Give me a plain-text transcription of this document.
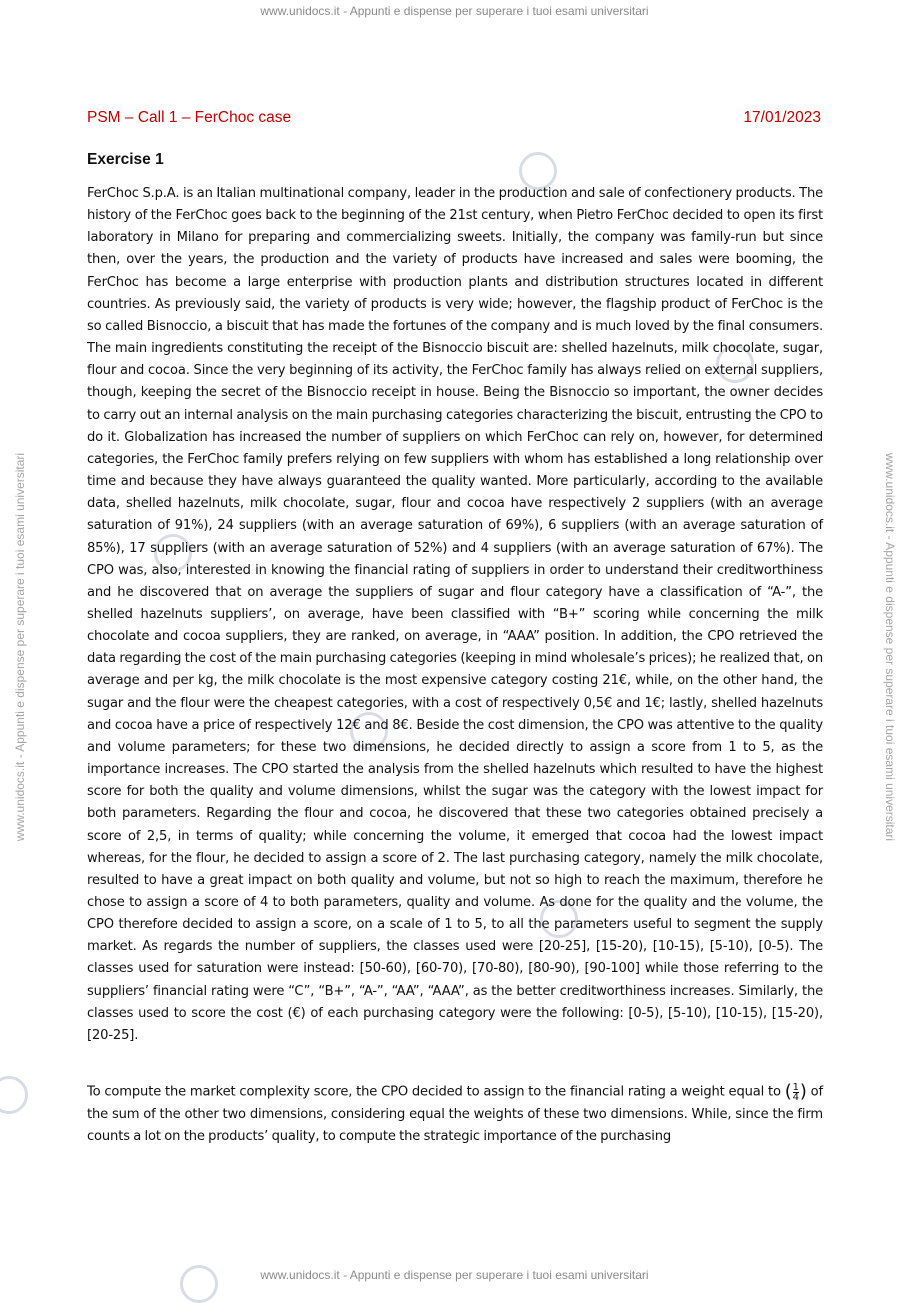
www.unidocs.it - Appunti e dispense per superare i tuoi esami universitari
www.unidocs.it - Appunti e dispense per superare i tuoi esami universitari	www.unidocs.it - Appunti e dispense per superare i tuoi esami universitari
PSM – Call 1 – FerChoc case	17/01/2023
Exercise 1
FerChoc S.p.A. is an Italian multinational company, leader in the production and sale of confectionery products. The history of the FerChoc goes back to the beginning of the 21st century, when Pietro FerChoc decided to open its first laboratory in Milano for preparing and commercializing sweets. Initially, the company was family-run but since then, over the years, the production and the variety of products have increased and sales were booming, the FerChoc has become a large enterprise with production plants and distribution structures located in different countries. As previously said, the variety of products is very wide; however, the flagship product of FerChoc is the so called Bisnoccio, a biscuit that has made the fortunes of the company and is much loved by the final consumers. The main ingredients constituting the receipt of the Bisnoccio biscuit are: shelled hazelnuts, milk chocolate, sugar, flour and cocoa. Since the very beginning of its activity, the FerChoc family has always relied on external suppliers, though, keeping the secret of the Bisnoccio receipt in house. Being the Bisnoccio so important, the owner decides to carry out an internal analysis on the main purchasing categories characterizing the biscuit, entrusting the CPO to do it. Globalization has increased the number of suppliers on which FerChoc can rely on, however, for determined categories, the FerChoc family prefers relying on few suppliers with whom has established a long relationship over time and because they have always guaranteed the quality wanted. More particularly, according to the available data, shelled hazelnuts, milk chocolate, sugar, flour and cocoa have respectively 2 suppliers (with an average saturation of 91%), 24 suppliers (with an average saturation of 69%), 6 suppliers (with an average saturation of 85%), 17 suppliers (with an average saturation of 52%) and 4 suppliers (with an average saturation of 67%). The CPO was, also, interested in knowing the financial rating of suppliers in order to understand their creditworthiness and he discovered that on average the suppliers of sugar and flour category have a classification of “A-”, the shelled hazelnuts suppliers’, on average, have been classified with “B+” scoring while concerning the milk chocolate and cocoa suppliers, they are ranked, on average, in “AAA” position. In addition, the CPO retrieved the data regarding the cost of the main purchasing categories (keeping in mind wholesale’s prices); he realized that, on average and per kg, the milk chocolate is the most expensive category costing 21€, while, on the other hand, the sugar and the flour were the cheapest categories, with a cost of respectively 0,5€ and 1€; lastly, shelled hazelnuts and cocoa have a price of respectively 12€ and 8€. Beside the cost dimension, the CPO was attentive to the quality and volume parameters; for these two dimensions, he decided directly to assign a score from 1 to 5, as the importance increases. The CPO started the analysis from the shelled hazelnuts which resulted to have the highest score for both the quality and volume dimensions, whilst the sugar was the category with the lowest impact for both parameters. Regarding the flour and cocoa, he discovered that these two categories obtained precisely a score of 2,5, in terms of quality; while concerning the volume, it emerged that cocoa had the lowest impact whereas, for the flour, he decided to assign a score of 2. The last purchasing category, namely the milk chocolate, resulted to have a great impact on both quality and volume, but not so high to reach the maximum, therefore he chose to assign a score of 4 to both parameters, quality and volume. As done for the quality and the volume, the CPO therefore decided to assign a score, on a scale of 1 to 5, to all the parameters useful to segment the supply market. As regards the number of suppliers, the classes used were [20-25], [15-20), [10-15), [5-10), [0-5). The classes used for saturation were instead: [50-60), [60-70), [70-80), [80-90), [90-100] while those referring to the suppliers’ financial rating were “C”, “B+”, “A-”, “AA”, “AAA”, as the better creditworthiness increases. Similarly, the classes used to score the cost (€) of each purchasing category were the following: [0-5), [5-10), [10-15), [15-20), [20-25].
To compute the market complexity score, the CPO decided to assign to the financial rating a weight equal to ( $\frac{1}{4}$ ) of the sum of the other two dimensions, considering equal the weights of these two dimensions. While, since the firm counts a lot on the products’ quality, to compute the strategic importance of the purchasing
www.unidocs.it - Appunti e dispense per superare i tuoi esami universitari
